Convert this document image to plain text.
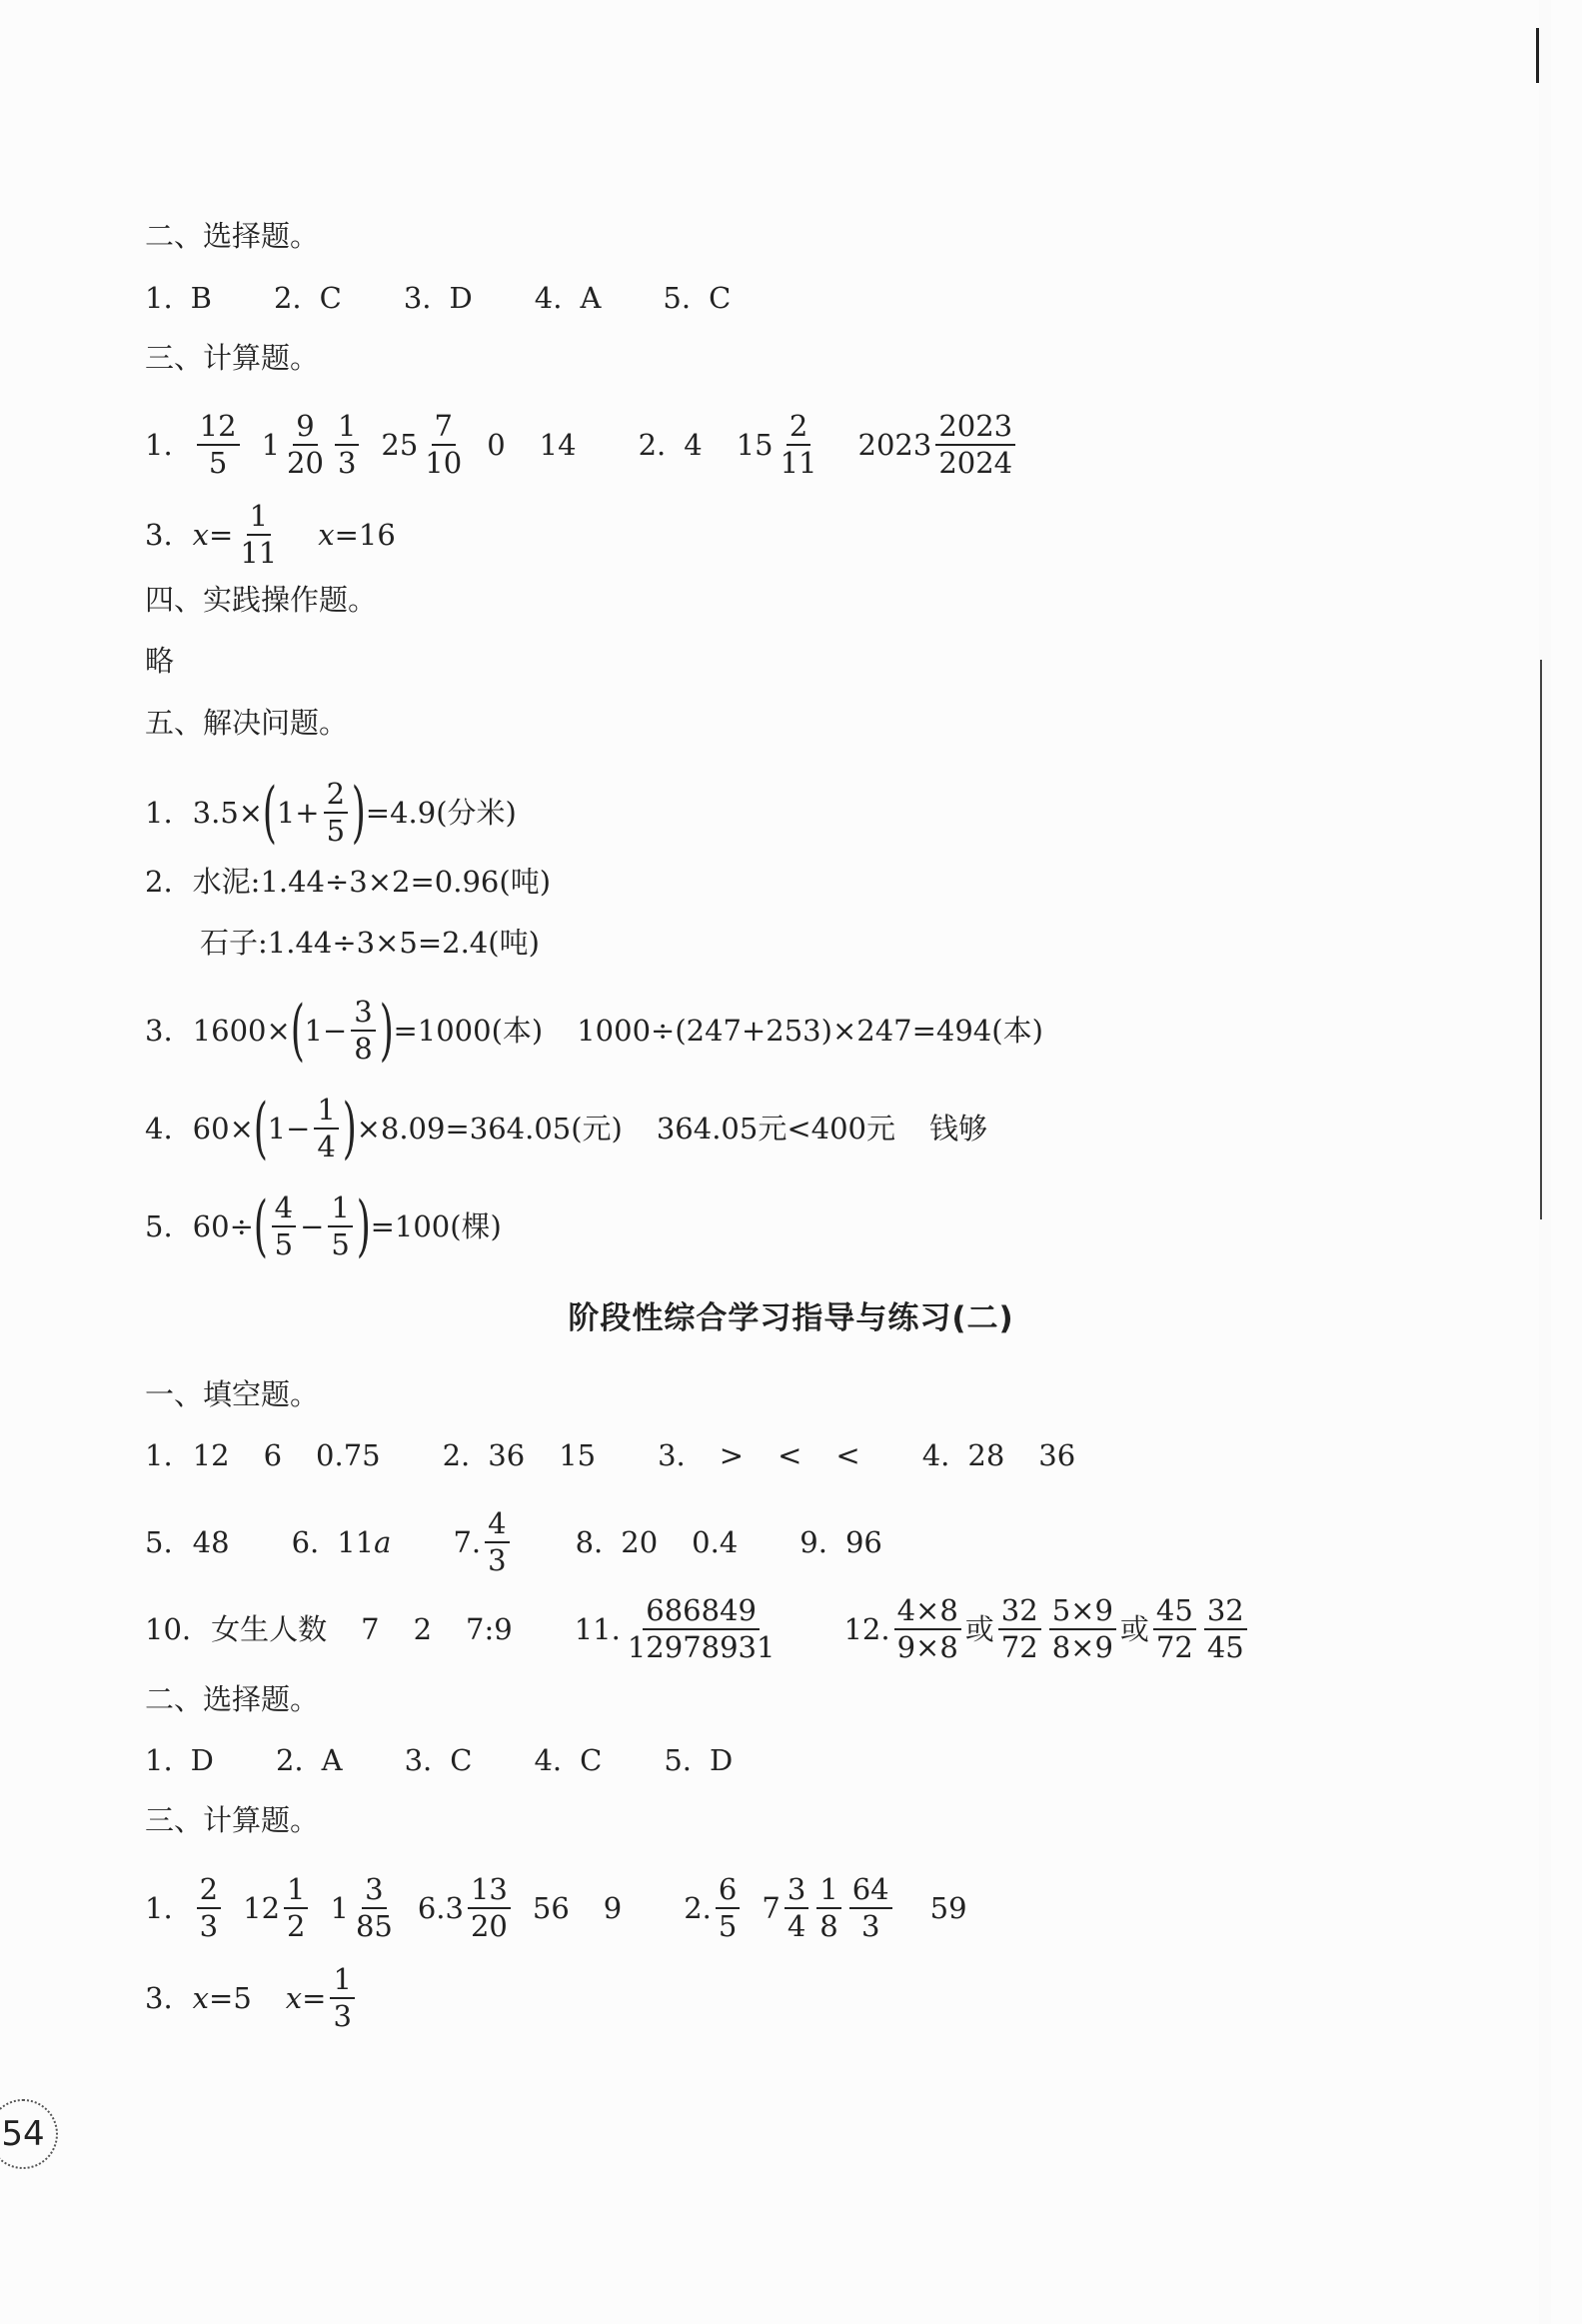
二、选择题。
1. B 2. C 3. D 4. A 5. C
三、计算题。
1. $\frac{12}{5} 1 \frac{9}{20} \frac{1}{3} 25 \frac{7}{10} 0$ 14 2. 4 $15 \frac{2}{11} 2023 \frac{2023}{2024}$
3. $x = \frac{1}{11}$ x =16
四、实践操作题。
略
五、解决问题。
1. 3.5× ( $1+ \frac{2}{5}$ ) =4.9(分米)
2. 水泥:1.44÷3×2=0.96(吨)
石子:1.44÷3×5=2.4(吨)
3. 1600× ( $1- \frac{3}{8}$ ) =1000(本) 1000÷(247+253)×247=494(本)
4. 60× ( $1- \frac{1}{4}$ ) ×8.09=364.05(元) 364.05元<400元 钱够
5. 60÷ ( $\frac{4}{5} - \frac{1}{5}$ ) =100(棵)
阶段性综合学习指导与练习(二)
一、填空题。
1. 12 6 0.75 2. 36 15 3. > < < 4. 28 36
5. 48 6. 11 a 7. $\frac{4}{3} 8$. 20 0.4 9. 96
10. 女生人数 7 2 7:9 11. $\frac{686849}{12978931} 12$. $\frac{4\times 8}{9\times 8}$ 或 $\frac{32}{72} \frac{5\times 9}{8\times 9}$ 或 $\frac{45}{72} \frac{32}{45}$
二、选择题。
1. D 2. A 3. C 4. C 5. D
三、计算题。
1. $\frac{2}{3} 12 \frac{1}{2} 1 \frac{3}{85} 6.3 \frac{13}{20} 56$ 9 2. $\frac{6}{5} 7 \frac{3}{4} \frac{1}{8} \frac{64}{3} 59$
3. x =5 $x = \frac{1}{3}$
54
